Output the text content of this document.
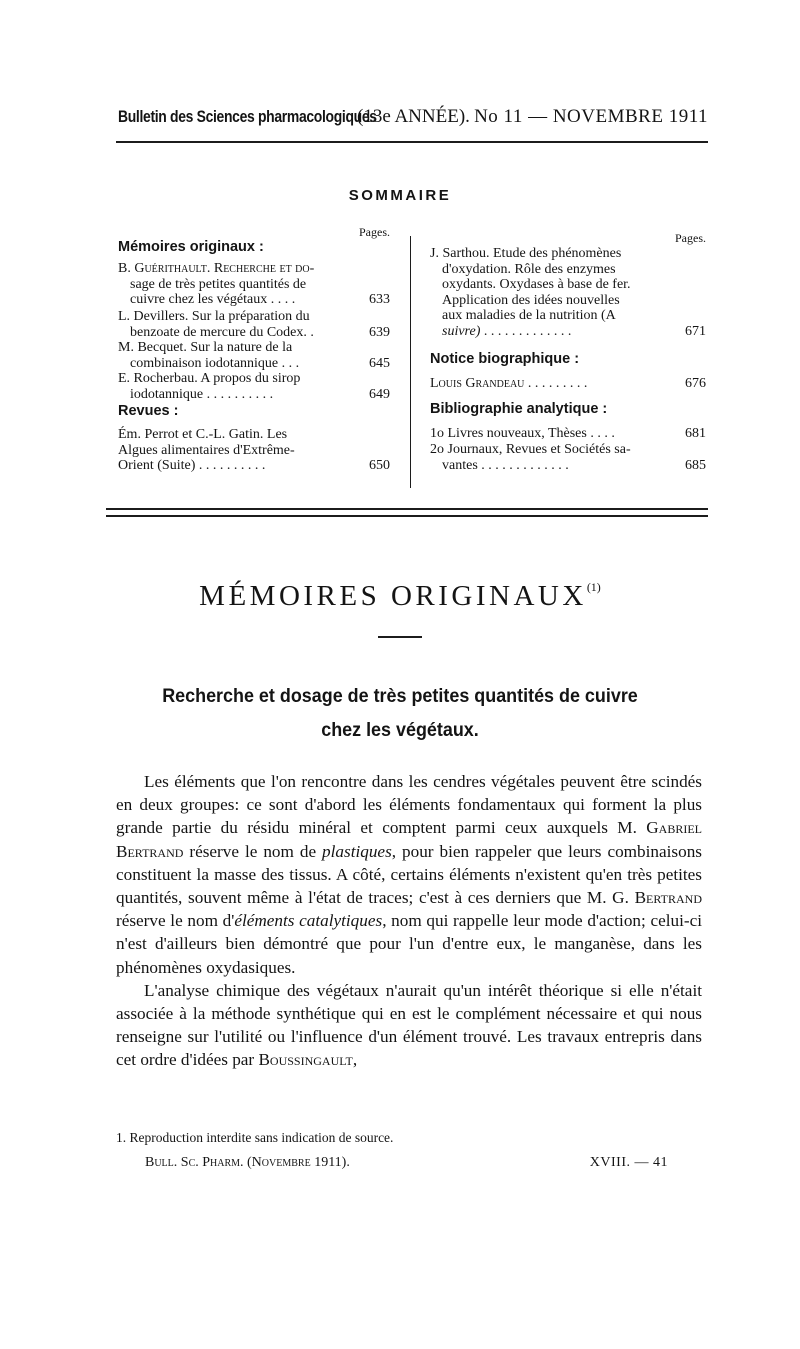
Bulletin des Sciences pharmacologiques
(13e ANNÉE). No 11 — NOVEMBRE 1911
SOMMAIRE
Pages.
Mémoires originaux :
B. Guérithault. Recherche et do-
sage de très petites quantités de
cuivre chez les végétaux . . . .	633
L. Devillers. Sur la préparation du
benzoate de mercure du Codex. .	639
M. Becquet. Sur la nature de la
combinaison iodotannique . . .	645
E. Rocherbau. A propos du sirop
iodotannique . . . . . . . . . .	649
Revues :
Ém. Perrot et C.-L. Gatin. Les
Algues alimentaires d'Extrême-
Orient (Suite) . . . . . . . . . .	650
Pages.
J. Sarthou. Etude des phénomènes
d'oxydation. Rôle des enzymes
oxydants. Oxydases à base de fer.
Application des idées nouvelles
aux maladies de la nutrition (A
suivre) . . . . . . . . . . . . .	671
Notice biographique :
Louis Grandeau . . . . . . . . .	676
Bibliographie analytique :
1o Livres nouveaux, Thèses . . . .	681
2o Journaux, Revues et Sociétés sa-
vantes . . . . . . . . . . . . .	685
MÉMOIRES ORIGINAUX$^{(1)}$
Recherche et dosage de très petites quantités de cuivre
chez les végétaux.

Les éléments que l'on rencontre dans les cendres végétales peuvent être scindés en deux groupes: ce sont d'abord les éléments fondamentaux qui forment la plus grande partie du résidu minéral et comptent parmi ceux auxquels M. Gabriel Bertrand réserve le nom de plastiques, pour bien rappeler que leurs combinaisons constituent la masse des tissus. A côté, certains éléments n'existent qu'en très petites quantités, souvent même à l'état de traces; c'est à ces derniers que M. G. Bertrand réserve le nom d'éléments catalytiques, nom qui rappelle leur mode d'action; celui-ci n'est d'ailleurs bien démontré que pour l'un d'entre eux, le manganèse, dans les phénomènes oxydasiques.

L'analyse chimique des végétaux n'aurait qu'un intérêt théorique si elle n'était associée à la méthode synthétique qui en est le complément nécessaire et qui nous renseigne sur l'utilité ou l'influence d'un élément trouvé. Les travaux entrepris dans cet ordre d'idées par Boussingault,

1. Reproduction interdite sans indication de source.
Bull. Sc. Pharm. (Novembre 1911).	XVIII. — 41
